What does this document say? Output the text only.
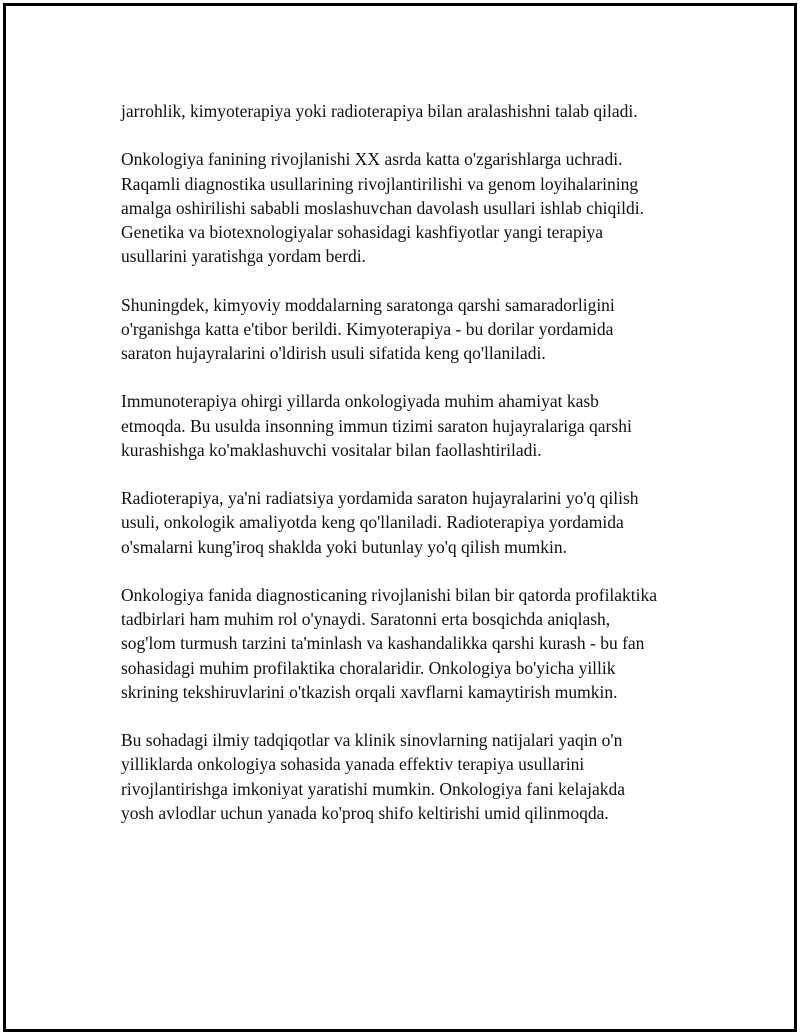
jarrohlik, kimyoterapiya yoki radioterapiya bilan aralashishni talab qiladi.

Onkologiya fanining rivojlanishi XX asrda katta o'zgarishlarga uchradi.
Raqamli diagnostika usullarining rivojlantirilishi va genom loyihalarining
amalga oshirilishi sababli moslashuvchan davolash usullari ishlab chiqildi.
Genetika va biotexnologiyalar sohasidagi kashfiyotlar yangi terapiya
usullarini yaratishga yordam berdi.

Shuningdek, kimyoviy moddalarning saratonga qarshi samaradorligini
o'rganishga katta e'tibor berildi. Kimyoterapiya - bu dorilar yordamida
saraton hujayralarini o'ldirish usuli sifatida keng qo'llaniladi.

Immunoterapiya ohirgi yillarda onkologiyada muhim ahamiyat kasb
etmoqda. Bu usulda insonning immun tizimi saraton hujayralariga qarshi
kurashishga ko'maklashuvchi vositalar bilan faollashtiriladi.

Radioterapiya, ya'ni radiatsiya yordamida saraton hujayralarini yo'q qilish
usuli, onkologik amaliyotda keng qo'llaniladi. Radioterapiya yordamida
o'smalarni kung'iroq shaklda yoki butunlay yo'q qilish mumkin.

Onkologiya fanida diagnosticaning rivojlanishi bilan bir qatorda profilaktika
tadbirlari ham muhim rol o'ynaydi. Saratonni erta bosqichda aniqlash,
sog'lom turmush tarzini ta'minlash va kashandalikka qarshi kurash - bu fan
sohasidagi muhim profilaktika choralaridir. Onkologiya bo'yicha yillik
skrining tekshiruvlarini o'tkazish orqali xavflarni kamaytirish mumkin.

Bu sohadagi ilmiy tadqiqotlar va klinik sinovlarning natijalari yaqin o'n
yilliklarda onkologiya sohasida yanada effektiv terapiya usullarini
rivojlantirishga imkoniyat yaratishi mumkin. Onkologiya fani kelajakda
yosh avlodlar uchun yanada ko'proq shifo keltirishi umid qilinmoqda.
